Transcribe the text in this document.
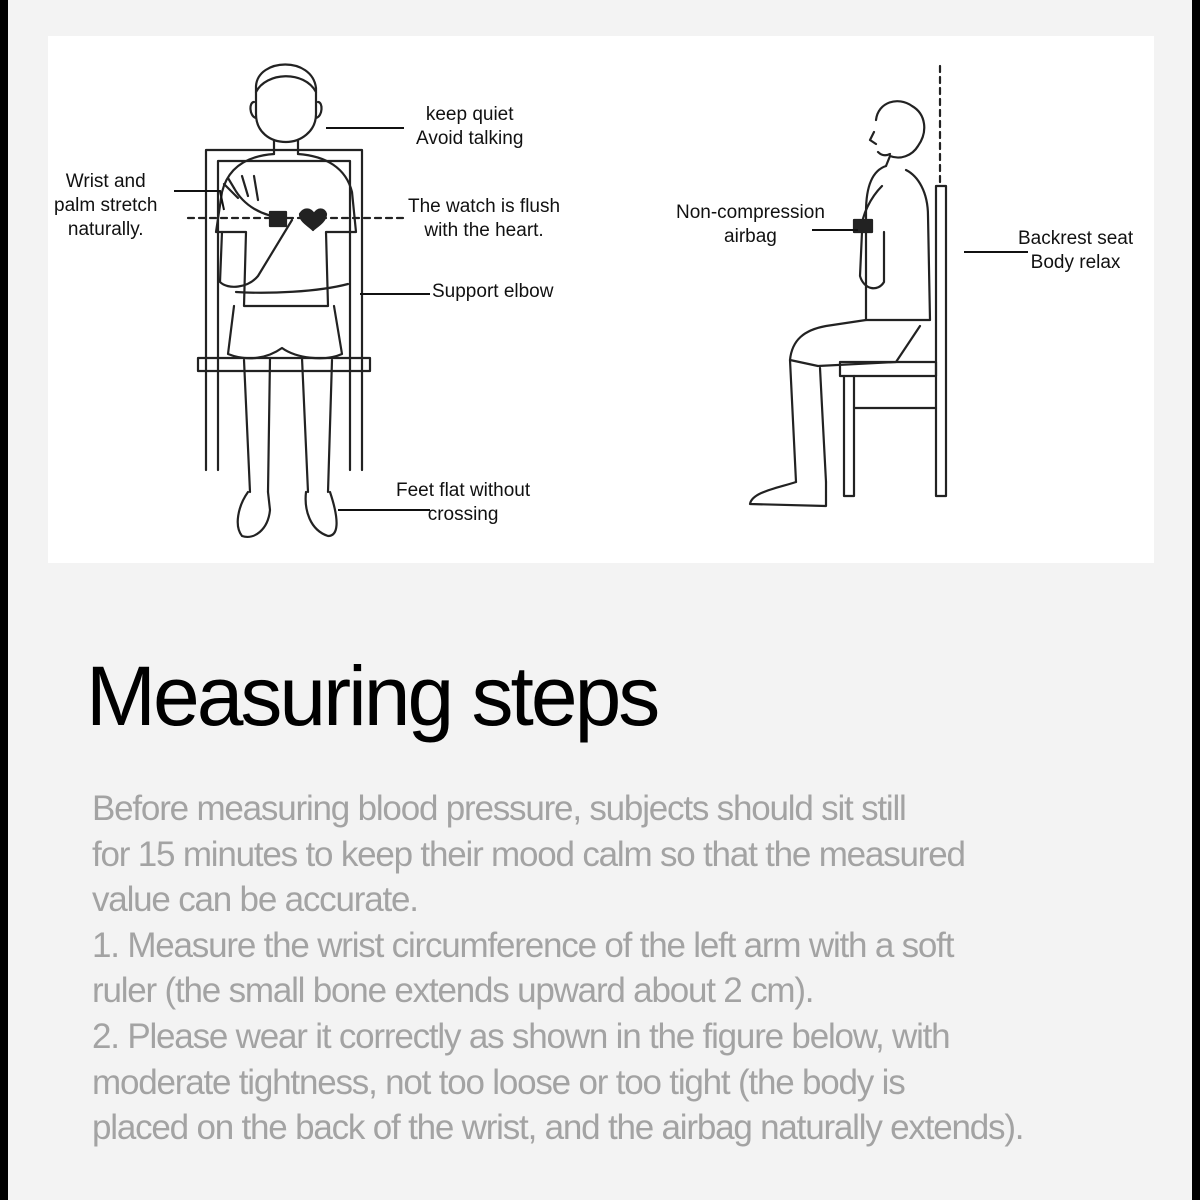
keep quiet
Avoid talking
Wrist and
palm stretch
naturally.
The watch is flush
with the heart.
Support elbow
Feet flat without
crossing
Non-compression
airbag	Backrest seat
Body relax
Measuring steps

Before measuring blood pressure, subjects should sit still

for 15 minutes to keep their mood calm so that the measured

value can be accurate.

1. Measure the wrist circumference of the left arm with a soft

ruler (the small bone extends upward about 2 cm).

2. Please wear it correctly as shown in the figure below, with

moderate tightness, not too loose or too tight (the body is

placed on the back of the wrist, and the airbag naturally extends).
